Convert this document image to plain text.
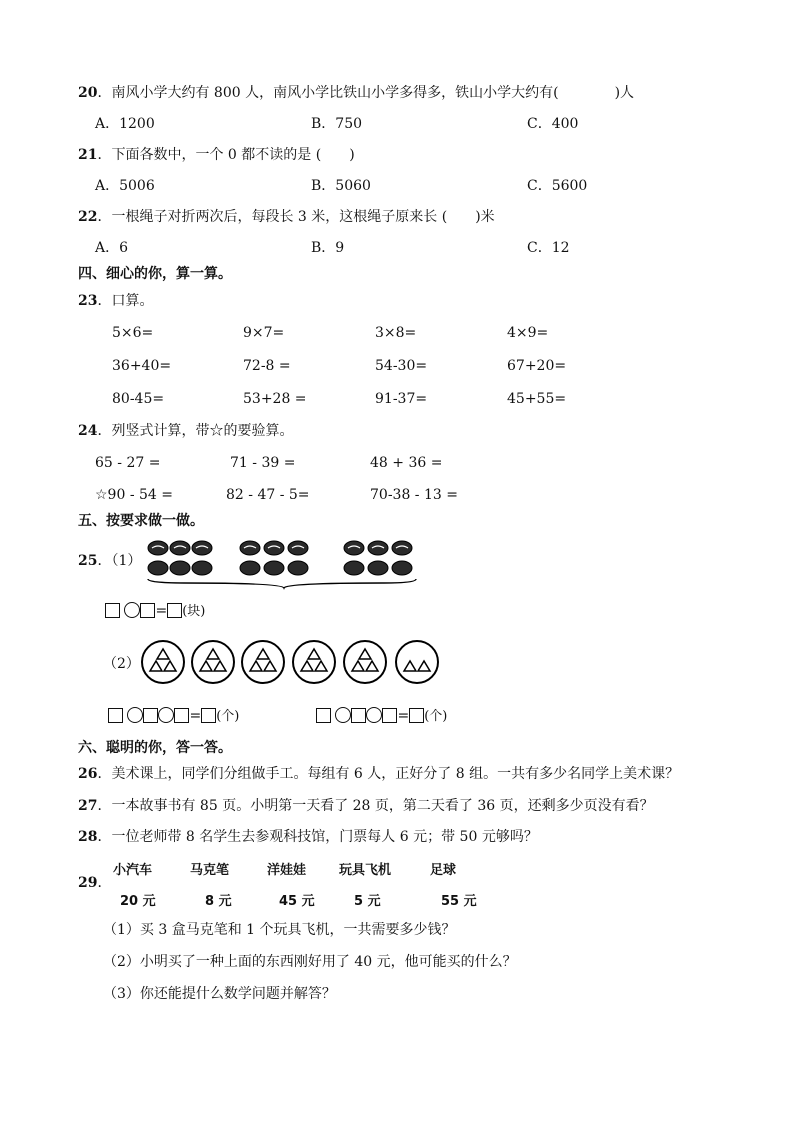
20．南风小学大约有 800 人，南风小学比铁山小学多得多，铁山小学大约有(　　　　)人
A．1200	B．750	C．400
21．下面各数中，一个 0 都不读的是 (　　)
A．5006	B．5060	C．5600
22．一根绳子对折两次后，每段长 3 米，这根绳子原来长 (　　)米
A．6	B．9	C．12
四、细心的你，算一算。
23．口算。
5×6=	9×7=	3×8=	4×9=
36+40=	72-8 =	54-30=	67+20=
80-45=	53+28 =	91-37=	45+55=
24．列竖式计算，带☆的要验算。
65 - 27 =	71 - 39 =	48 + 36 =
☆90 - 54 =	82 - 47 - 5=	70-38 - 13 =
五、按要求做一做。
25．（1）
= (块)
（2）
= (个)	= (个)
六、聪明的你，答一答。
26．美术课上，同学们分组做手工。每组有 6 人，正好分了 8 组。一共有多少名同学上美术课？
27．一本故事书有 85 页。小明第一天看了 28 页，第二天看了 36 页，还剩多少页没有看？
28．一位老师带 8 名学生去参观科技馆，门票每人 6 元；带 50 元够吗？
29．
小汽车	马克笔	洋娃娃	玩具飞机	足球
20 元	8 元	45 元	5 元	55 元
（1）买 3 盒马克笔和 1 个玩具飞机，一共需要多少钱？
（2）小明买了一种上面的东西刚好用了 40 元，他可能买的什么？
（3）你还能提什么数学问题并解答？
